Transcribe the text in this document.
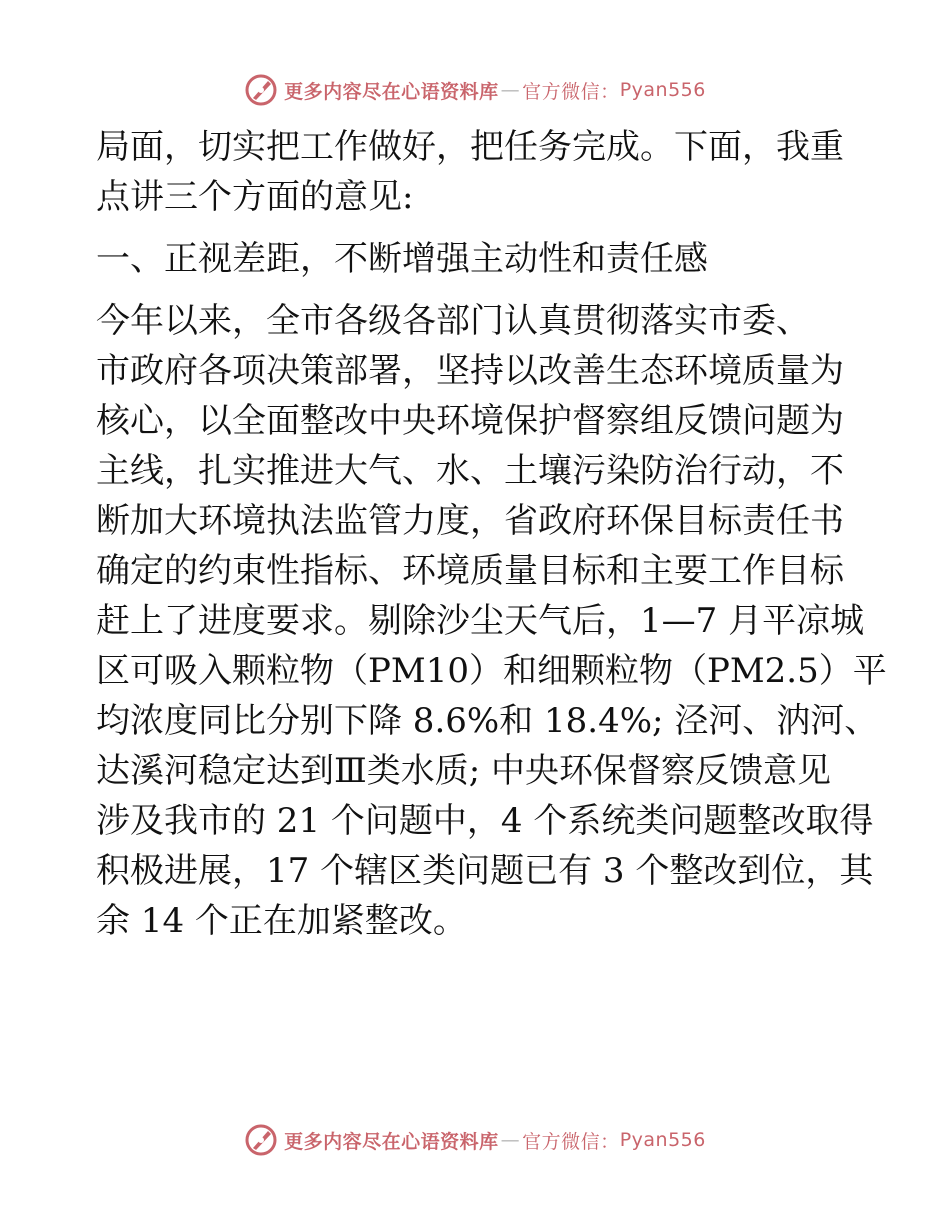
更多内容尽在心语资料库 — 官方微信： Pyan556

局面，切实把工作做好，把任务完成。下面，我重

点讲三个方面的意见:

一、正视差距，不断增强主动性和责任感

今年以来，全市各级各部门认真贯彻落实市委、

市政府各项决策部署，坚持以改善生态环境质量为

核心，以全面整改中央环境保护督察组反馈问题为

主线，扎实推进大气、水、土壤污染防治行动，不

断加大环境执法监管力度，省政府环保目标责任书

确定的约束性指标、环境质量目标和主要工作目标

赶上了进度要求。剔除沙尘天气后，1—7 月平凉城

区可吸入颗粒物（PM10）和细颗粒物（PM2.5）平

均浓度同比分别下降 8.6%和 18.4%; 泾河、汭河、

达溪河稳定达到Ⅲ类水质; 中央环保督察反馈意见

涉及我市的 21 个问题中，4 个系统类问题整改取得

积极进展，17 个辖区类问题已有 3 个整改到位，其

余 14 个正在加紧整改。

更多内容尽在心语资料库 — 官方微信： Pyan556
